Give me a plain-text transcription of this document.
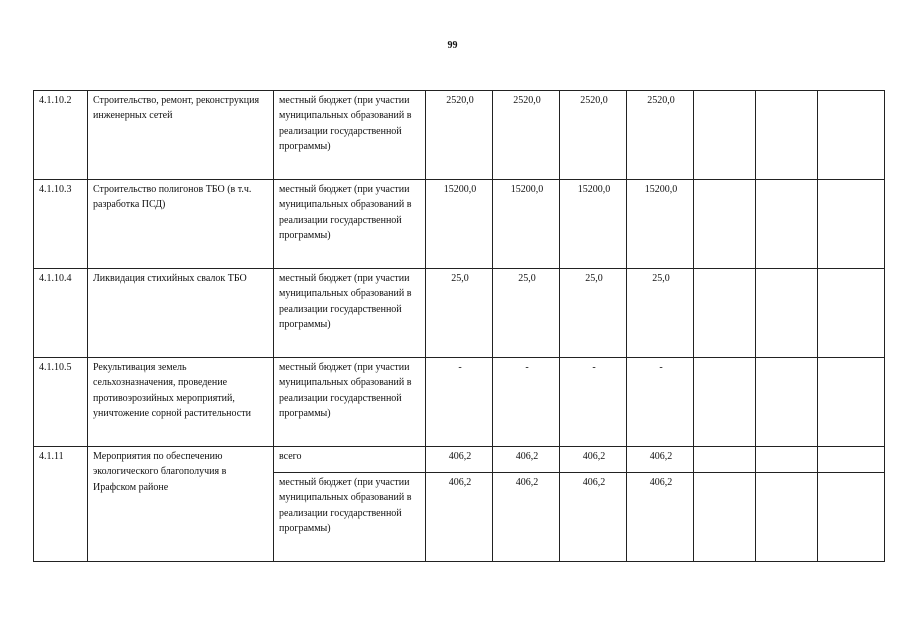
99
4.1.10.2	Строительство, ремонт, реконструкция инженерных сетей	местный бюджет (при участии муниципальных образований в реализации государственной программы)	2520,0	2520,0	2520,0	2520,0			
4.1.10.3	Строительство полигонов ТБО (в т.ч. разработка ПСД)	местный бюджет (при участии муниципальных образований в реализации государственной программы)	15200,0	15200,0	15200,0	15200,0			
4.1.10.4	Ликвидация стихийных свалок ТБО	местный бюджет (при участии муниципальных образований в реализации государственной программы)	25,0	25,0	25,0	25,0			
4.1.10.5	Рекультивация земель сельхозназначения, проведение противоэрозийных мероприятий, уничтожение сорной растительности	местный бюджет (при участии муниципальных образований в реализации государственной программы)	-	-	-	-			
4.1.11	Мероприятия по обеспечению экологического благополучия в Ирафском районе	всего	406,2	406,2	406,2	406,2			
		местный бюджет (при участии муниципальных образований в реализации государственной программы)	406,2	406,2	406,2	406,2			
